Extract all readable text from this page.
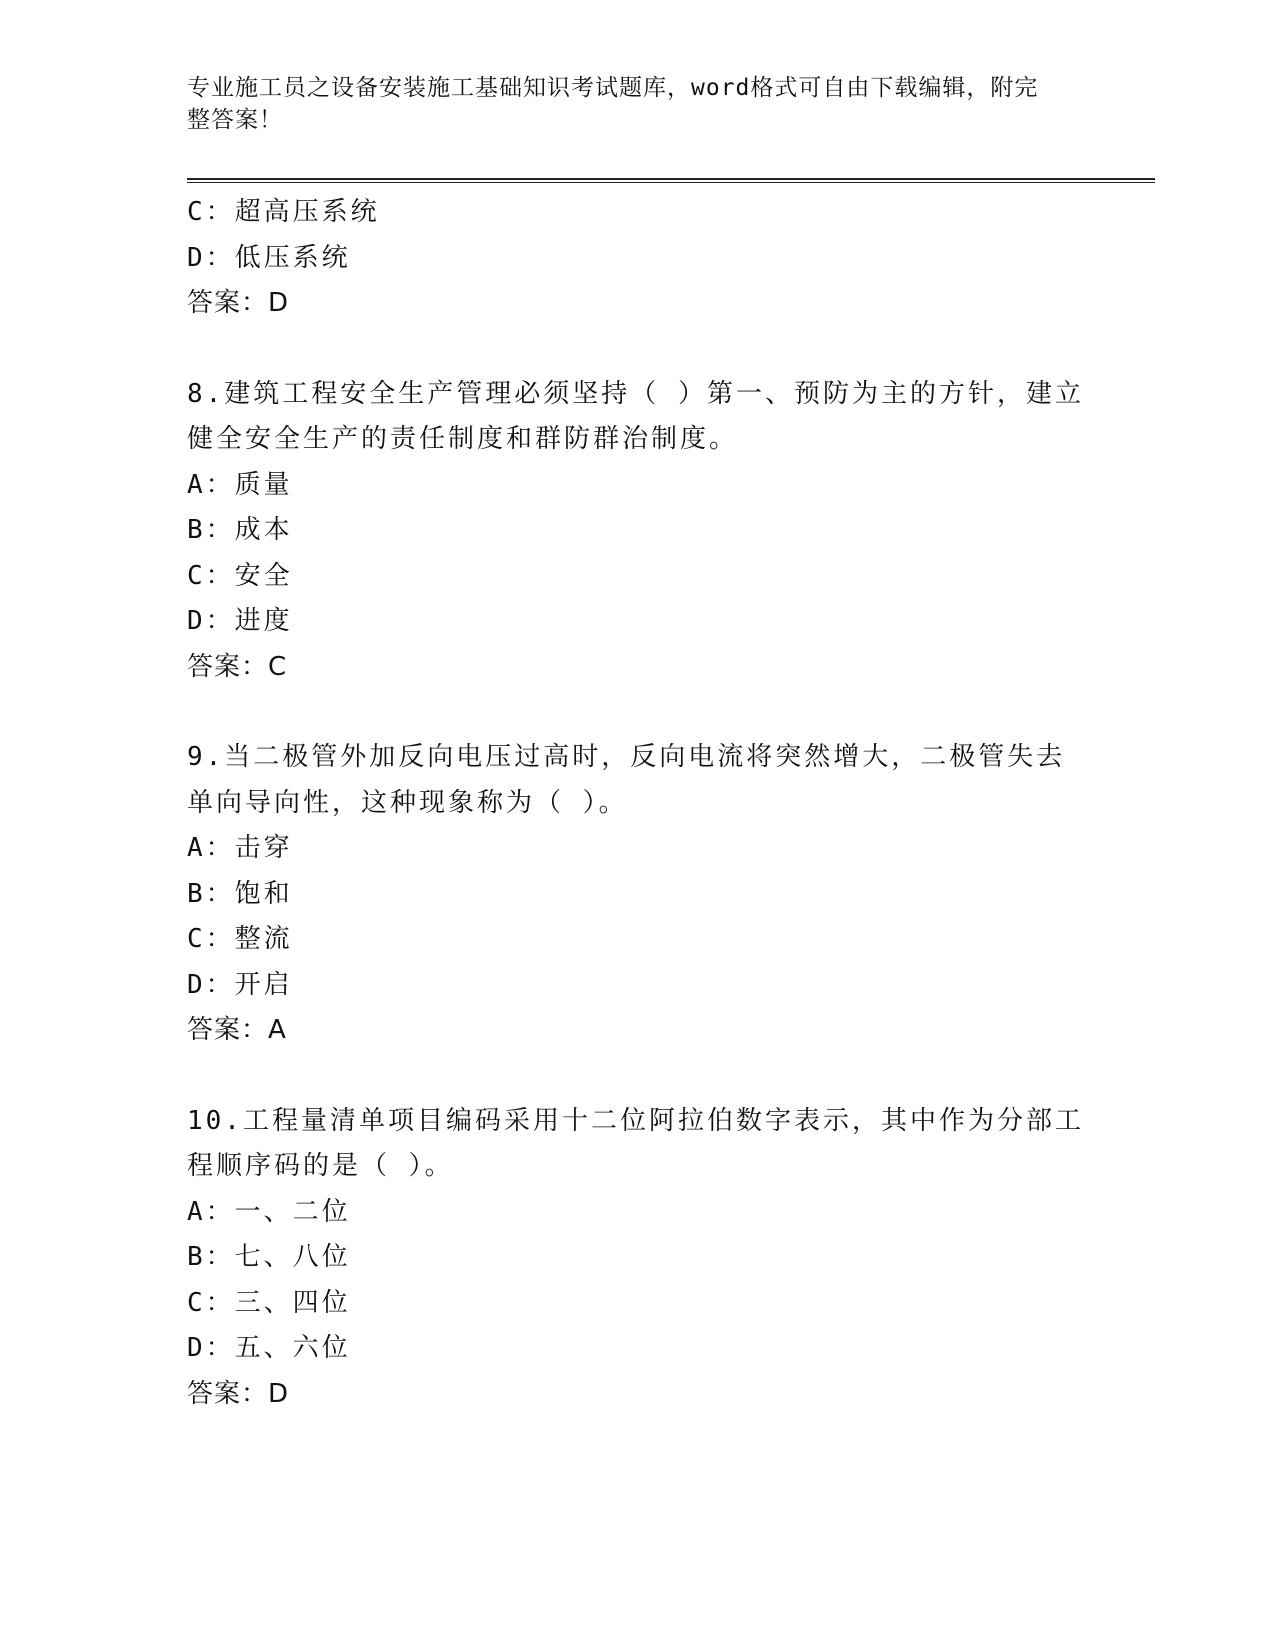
专业施工员之设备安装施工基础知识考试题库，word格式可自由下载编辑，附完
整答案！
C：超高压系统
D：低压系统
答案：D
8.建筑工程安全生产管理必须坚持（ ）第一、预防为主的方针，建立
健全安全生产的责任制度和群防群治制度。
A：质量
B：成本
C：安全
D：进度
答案：C
9.当二极管外加反向电压过高时，反向电流将突然增大，二极管失去
单向导向性，这种现象称为（ ）。
A：击穿
B：饱和
C：整流
D：开启
答案：A
10.工程量清单项目编码采用十二位阿拉伯数字表示，其中作为分部工
程顺序码的是（ ）。
A：一、二位
B：七、八位
C：三、四位
D：五、六位
答案：D
